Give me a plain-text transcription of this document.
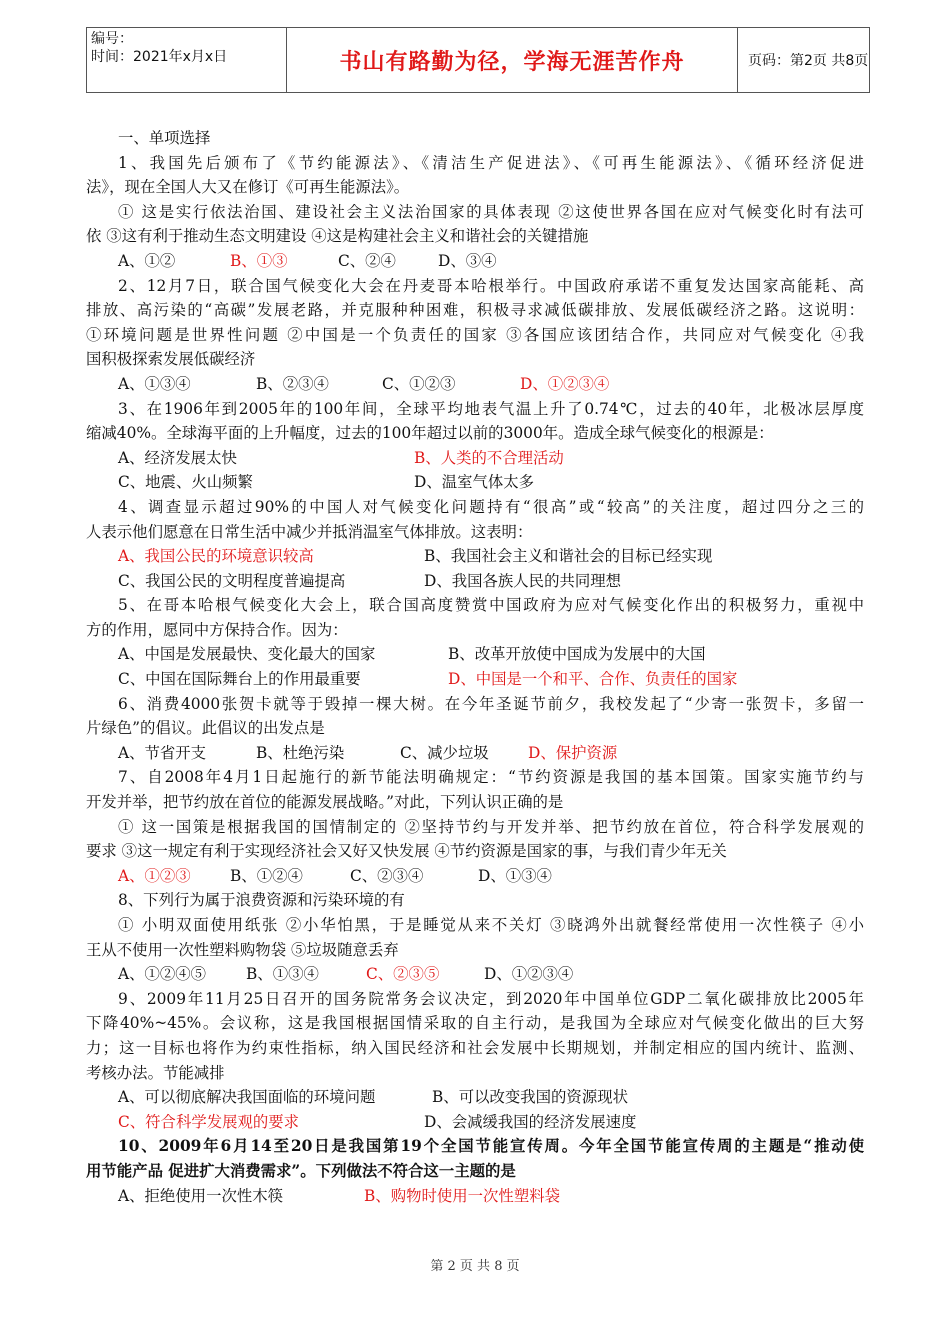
编号：
时间：2021年x月x日	书山有路勤为径，学海无涯苦作舟	页码：第2页 共8页
一、单项选择
1、我国先后颁布了《节约能源法》、《清洁生产促进法》、《可再生能源法》、《循环经济促进
法》，现在全国人大又在修订《可再生能源法》。
① 这是实行依法治国、建设社会主义法治国家的具体表现 ②这使世界各国在应对气候变化时有法可
依 ③这有利于推动生态文明建设 ④这是构建社会主义和谐社会的关键措施
A、①②	B、①③	C、②④	D、③④
2、12月7日，联合国气候变化大会在丹麦哥本哈根举行。中国政府承诺不重复发达国家高能耗、高
排放、高污染的“高碳”发展老路，并克服种种困难，积极寻求减低碳排放、发展低碳经济之路。这说明：
①环境问题是世界性问题 ②中国是一个负责任的国家 ③各国应该团结合作，共同应对气候变化 ④我
国积极探索发展低碳经济
A、①③④	B、②③④	C、①②③	D、①②③④
3、在1906年到2005年的100年间，全球平均地表气温上升了0.74℃，过去的40年，北极冰层厚度
缩减40%。全球海平面的上升幅度，过去的100年超过以前的3000年。造成全球气候变化的根源是：
A、经济发展太快	B、人类的不合理活动
C、地震、火山频繁	D、温室气体太多
4、调查显示超过90%的中国人对气候变化问题持有“很高”或“较高”的关注度，超过四分之三的
人表示他们愿意在日常生活中减少并抵消温室气体排放。这表明：
A、我国公民的环境意识较高	B、我国社会主义和谐社会的目标已经实现
C、我国公民的文明程度普遍提高	D、我国各族人民的共同理想
5、在哥本哈根气候变化大会上，联合国高度赞赏中国政府为应对气候变化作出的积极努力，重视中
方的作用，愿同中方保持合作。因为：
A、中国是发展最快、变化最大的国家	B、改革开放使中国成为发展中的大国
C、中国在国际舞台上的作用最重要	D、中国是一个和平、合作、负责任的国家
6、消费4000张贺卡就等于毁掉一棵大树。在今年圣诞节前夕，我校发起了“少寄一张贺卡，多留一
片绿色”的倡议。此倡议的出发点是
A、节省开支	B、杜绝污染	C、减少垃圾	D、保护资源
7、自2008年4月1日起施行的新节能法明确规定：“节约资源是我国的基本国策。国家实施节约与
开发并举，把节约放在首位的能源发展战略。”对此，下列认识正确的是
① 这一国策是根据我国的国情制定的 ②坚持节约与开发并举、把节约放在首位，符合科学发展观的
要求 ③这一规定有利于实现经济社会又好又快发展 ④节约资源是国家的事，与我们青少年无关
A、①②③	B、①②④	C、②③④	D、①③④
8、下列行为属于浪费资源和污染环境的有
① 小明双面使用纸张 ②小华怕黑，于是睡觉从来不关灯 ③晓鸿外出就餐经常使用一次性筷子 ④小
王从不使用一次性塑料购物袋 ⑤垃圾随意丢弃
A、①②④⑤	B、①③④	C、②③⑤	D、①②③④
9、2009年11月25日召开的国务院常务会议决定，到2020年中国单位GDP二氧化碳排放比2005年
下降40%~45%。会议称，这是我国根据国情采取的自主行动，是我国为全球应对气候变化做出的巨大努
力；这一目标也将作为约束性指标，纳入国民经济和社会发展中长期规划，并制定相应的国内统计、监测、
考核办法。节能减排
A、可以彻底解决我国面临的环境问题	B、可以改变我国的资源现状
C、符合科学发展观的要求	D、会减缓我国的经济发展速度
10、2009年6月14至20日是我国第19个全国节能宣传周。今年全国节能宣传周的主题是“推动使
用节能产品 促进扩大消费需求”。下列做法不符合这一主题的是
A、拒绝使用一次性木筷	B、购物时使用一次性塑料袋
第 2 页 共 8 页
